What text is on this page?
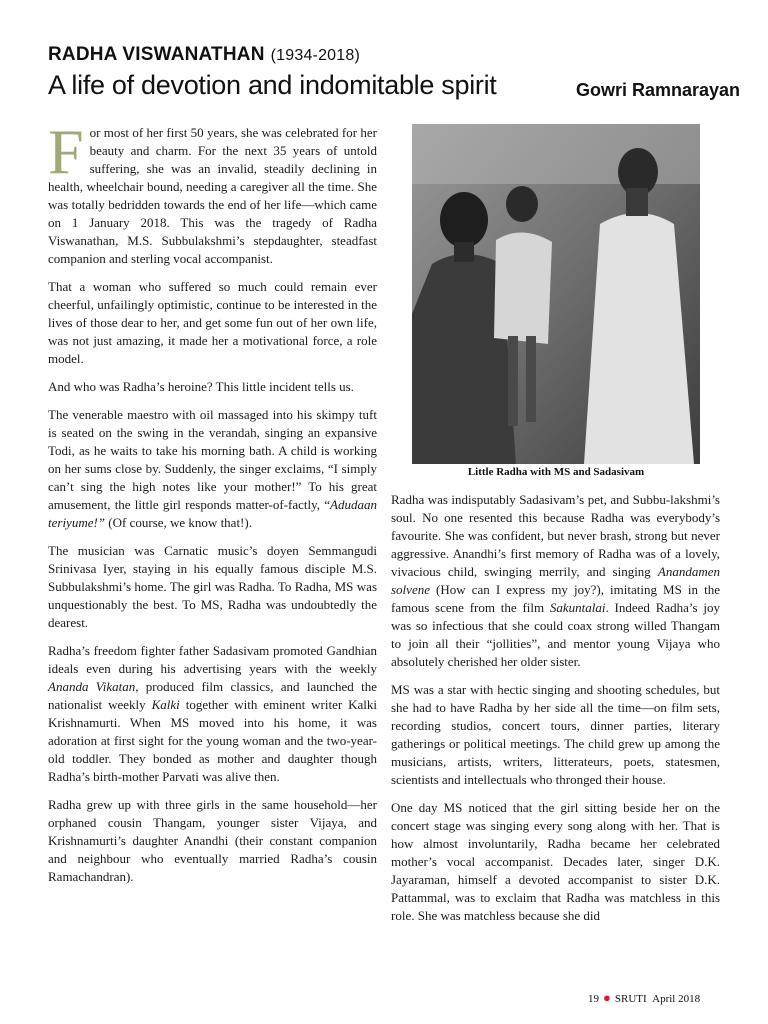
RADHA VISWANATHAN (1934-2018)
A life of devotion and indomitable spirit	Gowri Ramnarayan

For most of her first 50 years, she was celebrated for her beauty and charm. For the next 35 years of untold suffering, she was an invalid, steadily declining in health, wheelchair bound, needing a caregiver all the time. She was totally bedridden towards the end of her life—which came on 1 January 2018. This was the tragedy of Radha Viswanathan, M.S. Subbulakshmi’s stepdaughter, steadfast companion and sterling vocal accompanist.

That a woman who suffered so much could remain ever cheerful, unfailingly optimistic, continue to be interested in the lives of those dear to her, and get some fun out of her own life, was not just amazing, it made her a motivational force, a role model.

And who was Radha’s heroine? This little incident tells us.

The venerable maestro with oil massaged into his skimpy tuft is seated on the swing in the verandah, singing an expansive Todi, as he waits to take his morning bath. A child is working on her sums close by. Suddenly, the singer exclaims, “I simply can’t sing the high notes like your mother!” To his great amusement, the little girl responds matter-of-factly, “Adudaan teriyume!” (Of course, we know that!).

The musician was Carnatic music’s doyen Semmangudi Srinivasa Iyer, staying in his equally famous disciple M.S. Subbulakshmi’s home. The girl was Radha. To Radha, MS was unquestionably the best. To MS, Radha was undoubtedly the dearest.

Radha’s freedom fighter father Sadasivam promoted Gandhian ideals even during his advertising years with the weekly Ananda Vikatan, produced film classics, and launched the nationalist weekly Kalki together with eminent writer Kalki Krishnamurti. When MS moved into his home, it was adoration at first sight for the young woman and the two-year-old toddler. They bonded as mother and daughter though Radha’s birth-mother Parvati was alive then.

Radha grew up with three girls in the same household—her orphaned cousin Thangam, younger sister Vijaya, and Krishnamurti’s daughter Anandhi (their constant companion and neighbour who eventually married Radha’s cousin Ramachandran).

Little Radha with MS and Sadasivam

Radha was indisputably Sadasivam’s pet, and Subbu-lakshmi’s soul. No one resented this because Radha was everybody’s favourite. She was confident, but never brash, strong but never aggressive. Anandhi’s first memory of Radha was of a lovely, vivacious child, swinging merrily, and singing Anandamen solvene (How can I express my joy?), imitating MS in the famous scene from the film Sakuntalai. Indeed Radha’s joy was so infectious that she could coax strong willed Thangam to join all their “jollities”, and mentor young Vijaya who absolutely cherished her older sister.

MS was a star with hectic singing and shooting schedules, but she had to have Radha by her side all the time—on film sets, recording studios, concert tours, dinner parties, literary gatherings or political meetings. The child grew up among the musicians, artists, writers, litterateurs, poets, statesmen, scientists and intellectuals who thronged their house.

One day MS noticed that the girl sitting beside her on the concert stage was singing every song along with her. That is how almost involuntarily, Radha became her celebrated mother’s vocal accompanist. Decades later, singer D.K. Jayaraman, himself a devoted accompanist to sister D.K. Pattammal, was to exclaim that Radha was matchless in this role. She was matchless because she did

19 ● SRUTI April 2018
